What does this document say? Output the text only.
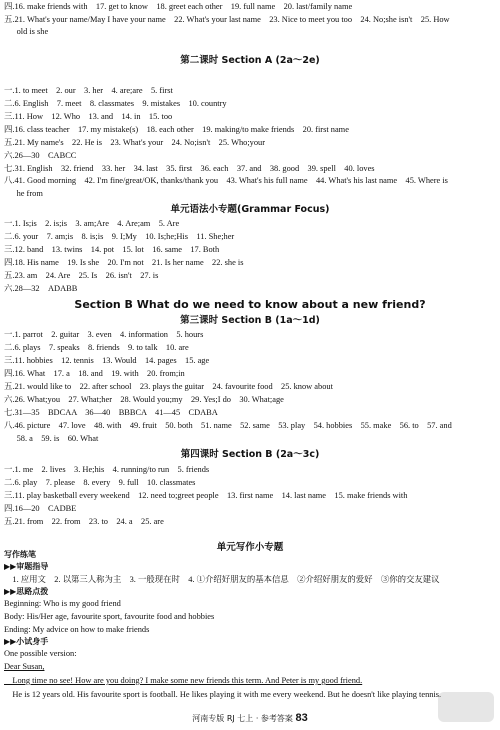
四.16. make friends with    17. get to know    18. greet each other    19. full name    20. last/family name
五.21. What's your name/May I have your name    22. What's your last name    23. Nice to meet you too    24. No;she isn't    25. How
old is she
一.1. to meet    2. our    3. her    4. are;are    5. first
二.6. English    7. meet    8. classmates    9. mistakes    10. country
三.11. How    12. Who    13. and    14. in    15. too
四.16. class teacher    17. my mistake(s)    18. each other    19. making/to make friends    20. first name
五.21. My name's    22. He is    23. What's your    24. No;isn't    25. Who;your
六.26—30    CABCC
七.31. English    32. friend    33. her    34. last    35. first    36. each    37. and    38. good    39. spell    40. loves
八.41. Good morning    42. I'm fine/great/OK, thanks/thank you    43. What's his full name    44. What's his last name    45. Where is
he from
一.1. Is;is    2. is;is    3. am;Are    4. Are;am    5. Are
二.6. your    7. am;is    8. is;is    9. I;My    10. Is;he;His    11. She;her
三.12. band    13. twins    14. pot    15. lot    16. same    17. Both
四.18. His name    19. Is she    20. I'm not    21. Is her name    22. she is
五.23. am    24. Are    25. Is    26. isn't    27. is
六.28—32    ADABB
一.1. parrot    2. guitar    3. even    4. information    5. hours
二.6. plays    7. speaks    8. friends    9. to talk    10. are
三.11. hobbies    12. tennis    13. Would    14. pages    15. age
四.16. What    17. a    18. and    19. with    20. from;in
五.21. would like to    22. after school    23. plays the guitar    24. favourite food    25. know about
六.26. What;you    27. What;her    28. Would you;my    29. Yes;I do    30. What;age
七.31—35    BDCAA    36—40    BBBCA    41—45    CDABA
八.46. picture    47. love    48. with    49. fruit    50. both    51. name    52. same    53. play    54. hobbies    55. make    56. to    57. and
58. a    59. is    60. What
一.1. me    2. lives    3. He;his    4. running/to run    5. friends
二.6. play    7. please    8. every    9. full    10. classmates
三.11. play basketball every weekend    12. need to;greet people    13. first name    14. last name    15. make friends with
四.16—20    CADBE
五.21. from    22. from    23. to    24. a    25. are
1. 应用文    2. 以第三人称为主    3. 一般现在时    4. ①介绍好朋友的基本信息    ②介绍好朋友的爱好    ③你的交友建议
Beginning: Who is my good friend
Body: His/Her age, favourite sport, favourite food and hobbies
Ending: My advice on how to make friends
One possible version:
第二课时 Section A (2a～2e)
单元语法小专题(Grammar Focus)
第四课时 Section B (2a～3c)
单元写作小专题
Section B What do we need to know about a new friend?
第三课时 Section B (1a～1d)
写作练笔
▶▶审题指导
▶▶思路点拨
▶▶小试身手
Dear Susan,
Long time no see! How are you doing? I make some new friends this term. And Peter is my good friend.
He is 12 years old. His favourite sport is football. He likes playing it with me every weekend. But he doesn't like playing tennis.
河南专版 RJ 七上 · 参考答案 83
